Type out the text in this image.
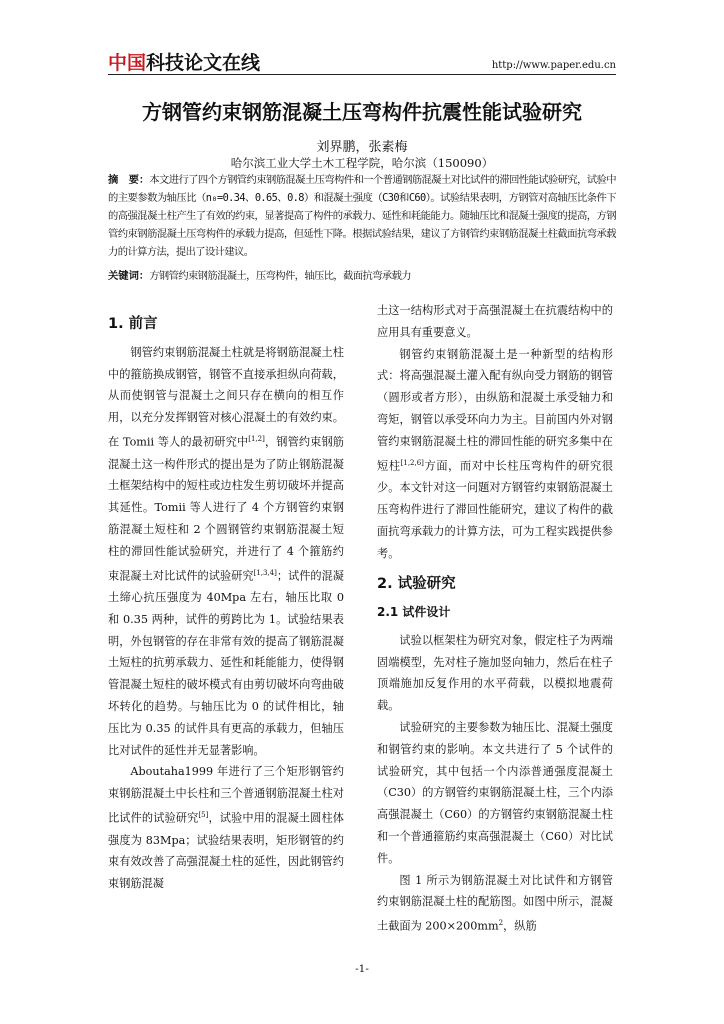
中国科技论文在线	http://www.paper.edu.cn
方钢管约束钢筋混凝土压弯构件抗震性能试验研究
刘界鹏，张素梅
哈尔滨工业大学土木工程学院，哈尔滨（150090）
摘　要：本文进行了四个方钢管约束钢筋混凝土压弯构件和一个普通钢筋混凝土对比试件的滞回性能试验研究，试验中的主要参数为轴压比（n₀=0.34、0.65、0.8）和混凝土强度（C30和C60）。试验结果表明，方钢管对高轴压比条件下的高强混凝土柱产生了有效的约束，显著提高了构件的承载力、延性和耗能能力。随轴压比和混凝土强度的提高，方钢管约束钢筋混凝土压弯构件的承载力提高，但延性下降。根据试验结果，建议了方钢管约束钢筋混凝土柱截面抗弯承载力的计算方法，提出了设计建议。
关键词：方钢管约束钢筋混凝土，压弯构件，轴压比，截面抗弯承载力

1. 前言

钢管约束钢筋混凝土柱就是将钢筋混凝土柱中的箍筋换成钢管，钢管不直接承担纵向荷载，从而使钢管与混凝土之间只存在横向的相互作用，以充分发挥钢管对核心混凝土的有效约束。在 Tomii 等人的最初研究中[1,2]，钢管约束钢筋混凝土这一构件形式的提出是为了防止钢筋混凝土框架结构中的短柱或边柱发生剪切破坏并提高其延性。Tomii 等人进行了 4 个方钢管约束钢筋混凝土短柱和 2 个圆钢管约束钢筋混凝土短柱的滞回性能试验研究，并进行了 4 个箍筋约束混凝土对比试件的试验研究[1,3,4]；试件的混凝土缔心抗压强度为 40Mpa 左右，轴压比取 0 和 0.35 两种，试件的剪跨比为 1。试验结果表明，外包钢管的存在非常有效的提高了钢筋混凝土短柱的抗剪承载力、延性和耗能能力，使得钢管混凝土短柱的破坏模式有由剪切破坏向弯曲破坏转化的趋势。与轴压比为 0 的试件相比，轴压比为 0.35 的试件具有更高的承载力，但轴压比对试件的延性并无显著影响。

Aboutaha1999 年进行了三个矩形钢管约束钢筋混凝土中长柱和三个普通钢筋混凝土柱对比试件的试验研究[5]，试验中用的混凝土圆柱体强度为 83Mpa；试验结果表明，矩形钢管的约束有效改善了高强混凝土柱的延性，因此钢管约束钢筋混凝

土这一结构形式对于高强混凝土在抗震结构中的应用具有重要意义。

钢管约束钢筋混凝土是一种新型的结构形式：将高强混凝土灌入配有纵向受力钢筋的钢管（圆形或者方形），由纵筋和混凝土承受轴力和弯矩，钢管以承受环向力为主。目前国内外对钢管约束钢筋混凝土柱的滞回性能的研究多集中在短柱[1,2,6]方面，而对中长柱压弯构件的研究很少。本文针对这一问题对方钢管约束钢筋混凝土压弯构件进行了滞回性能研究，建议了构件的截面抗弯承载力的计算方法，可为工程实践提供参考。

2. 试验研究

2.1 试件设计

试验以框架柱为研究对象，假定柱子为两端固端模型，先对柱子施加竖向轴力，然后在柱子顶端施加反复作用的水平荷载，以模拟地震荷载。

试验研究的主要参数为轴压比、混凝土强度和钢管约束的影响。本文共进行了 5 个试件的试验研究，其中包括一个内添普通强度混凝土（C30）的方钢管约束钢筋混凝土柱，三个内添高强混凝土（C60）的方钢管约束钢筋混凝土柱和一个普通箍筋约束高强混凝土（C60）对比试件。

图 1 所示为钢筋混凝土对比试件和方钢管约束钢筋混凝土柱的配筋图。如图中所示，混凝土截面为 $200\times 200mm^2$，纵筋

-1-
